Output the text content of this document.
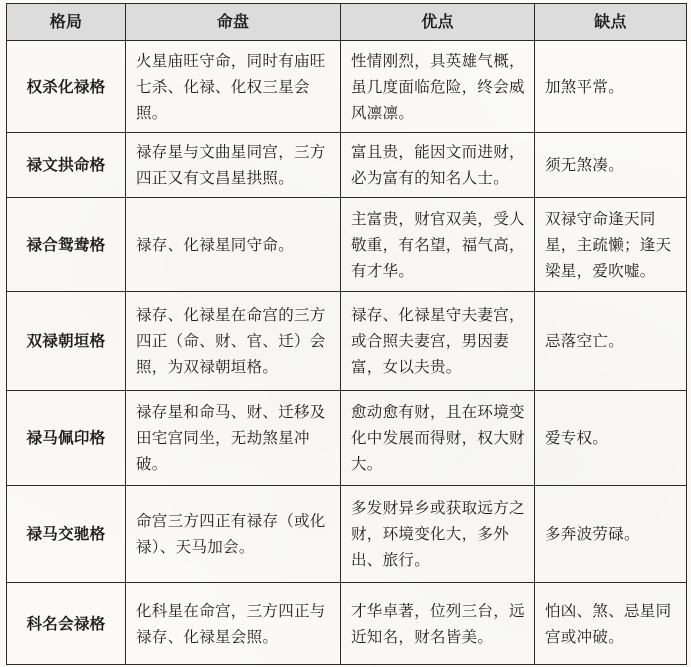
格局	命盘	优点	缺点
权杀化禄格	火星庙旺守命，同时有庙旺七杀、化禄、化权三星会照。	性情刚烈，具英雄气概，虽几度面临危险，终会威风凛凛。	加煞平常。
禄文拱命格	禄存星与文曲星同宫，三方四正又有文昌星拱照。	富且贵，能因文而进财，必为富有的知名人士。	须无煞凑。
禄合鸳鸯格	禄存、化禄星同守命。	主富贵，财官双美，受人敬重，有名望，福气高，有才华。	双禄守命逢天同星，主疏懒；逢天梁星，爱吹嘘。
双禄朝垣格	禄存、化禄星在命宫的三方四正（命、财、官、迁）会照，为双禄朝垣格。	禄存、化禄星守夫妻宫，或合照夫妻宫，男因妻富，女以夫贵。	忌落空亡。
禄马佩印格	禄存星和命马、财、迁移及田宅宫同坐，无劫煞星冲破。	愈动愈有财，且在环境变化中发展而得财，权大财大。	爱专权。
禄马交驰格	命宫三方四正有禄存（或化禄）、天马加会。	多发财异乡或获取远方之财，环境变化大，多外出、旅行。	多奔波劳碌。
科名会禄格	化科星在命宫，三方四正与禄存、化禄星会照。	才华卓著，位列三台，远近知名，财名皆美。	怕凶、煞、忌星同宫或冲破。
